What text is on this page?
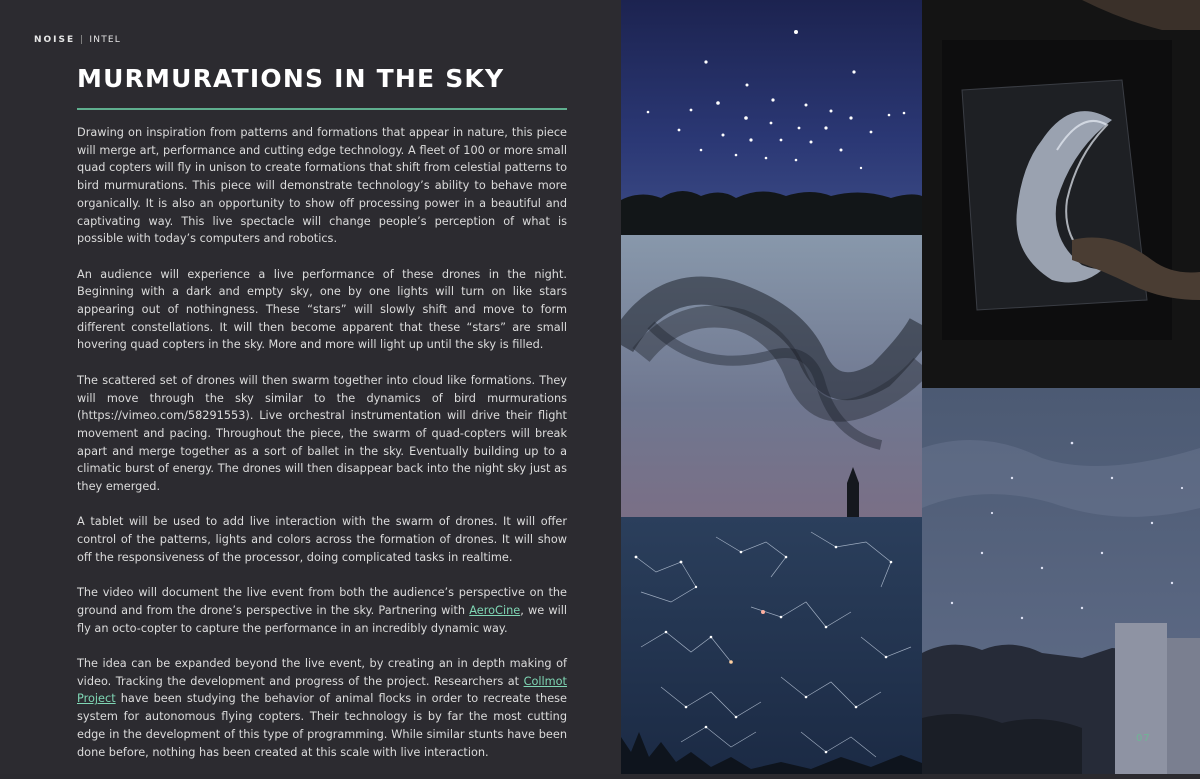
NOISE | INTEL
MURMURATIONS IN THE SKY

Drawing on inspiration from patterns and formations that appear in nature, this piece will merge art, performance and cutting edge technology. A fleet of 100 or more small quad copters will fly in unison to create formations that shift from celestial patterns to bird murmurations. This piece will demonstrate technology’s ability to behave more organically. It is also an opportunity to show off processing power in a beautiful and captivating way. This live spectacle will change people’s perception of what is possible with today’s computers and robotics.

An audience will experience a live performance of these drones in the night. Beginning with a dark and empty sky, one by one lights will turn on like stars appearing out of nothingness. These “stars” will slowly shift and move to form different constellations. It will then become apparent that these “stars” are small hovering quad copters in the sky. More and more will light up until the sky is filled.

The scattered set of drones will then swarm together into cloud like formations. They will move through the sky similar to the dynamics of bird murmurations (https://vimeo.com/58291553). Live orchestral instrumentation will drive their flight movement and pacing. Throughout the piece, the swarm of quad-copters will break apart and merge together as a sort of ballet in the sky. Eventually building up to a climatic burst of energy. The drones will then disappear back into the night sky just as they emerged.

A tablet will be used to add live interaction with the swarm of drones. It will offer control of the patterns, lights and colors across the formation of drones. It will show off the responsiveness of the processor, doing complicated tasks in realtime.

The video will document the live event from both the audience’s perspective on the ground and from the drone’s perspective in the sky. Partnering with AeroCine, we will fly an octo-copter to capture the performance in an incredibly dynamic way.

The idea can be expanded beyond the live event, by creating an in depth making of video. Tracking the development and progress of the project. Researchers at Collmot Project have been studying the behavior of animal flocks in order to recreate these system for autonomous flying copters. Their technology is by far the most cutting edge in the development of this type of programming. While similar stunts have been done before, nothing has been created at this scale with live interaction.

07
